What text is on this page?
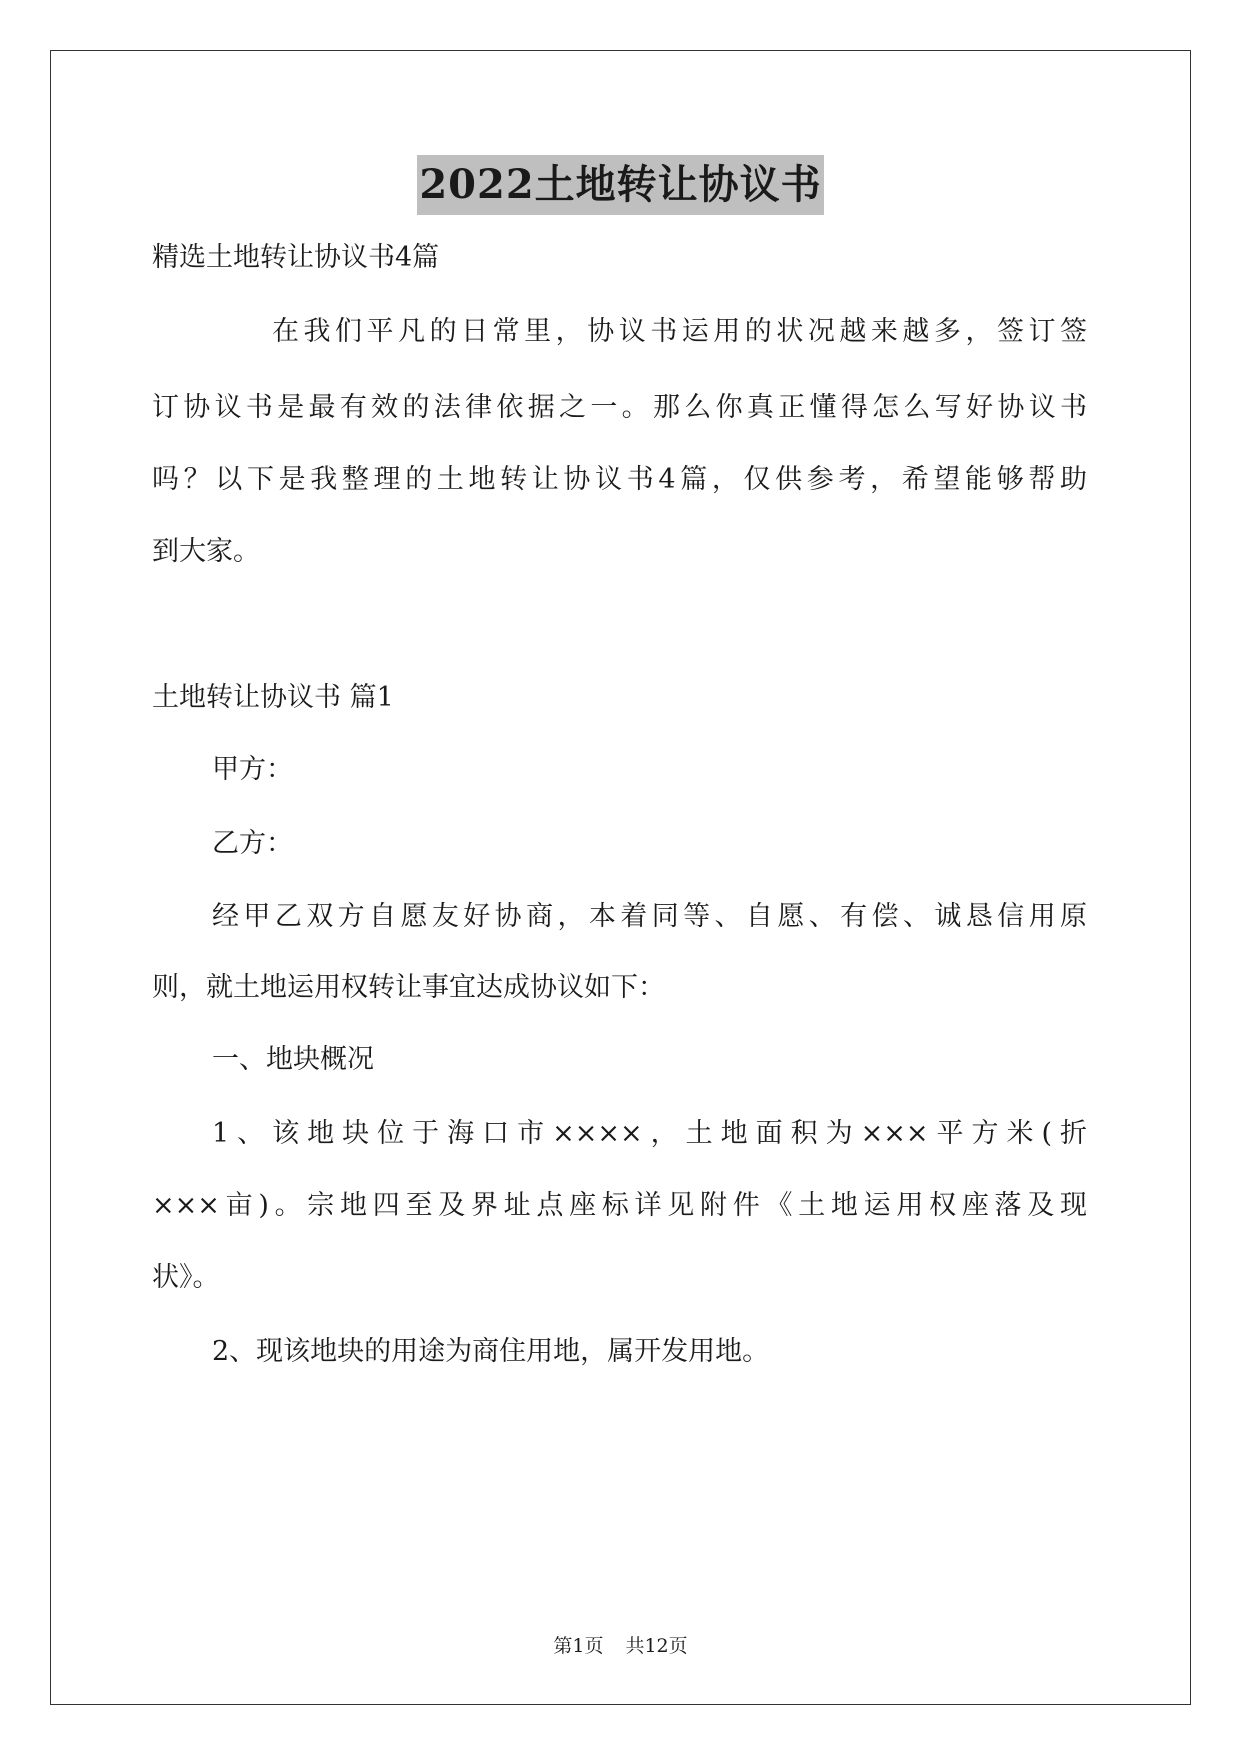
2022土地转让协议书
精选土地转让协议书4篇
在我们平凡的日常里，协议书运用的状况越来越多，签订签
订协议书是最有效的法律依据之一。那么你真正懂得怎么写好协议书
吗？以下是我整理的土地转让协议书4篇，仅供参考，希望能够帮助
到大家。
土地转让协议书 篇1
甲方：
乙方：
经甲乙双方自愿友好协商，本着同等、自愿、有偿、诚恳信用原
则，就土地运用权转让事宜达成协议如下：
一、地块概况
1、该地块位于海口市××××，土地面积为×××平方米(折
×××亩)。宗地四至及界址点座标详见附件《土地运用权座落及现
状》。
2、现该地块的用途为商住用地，属开发用地。
第1页 共12页
